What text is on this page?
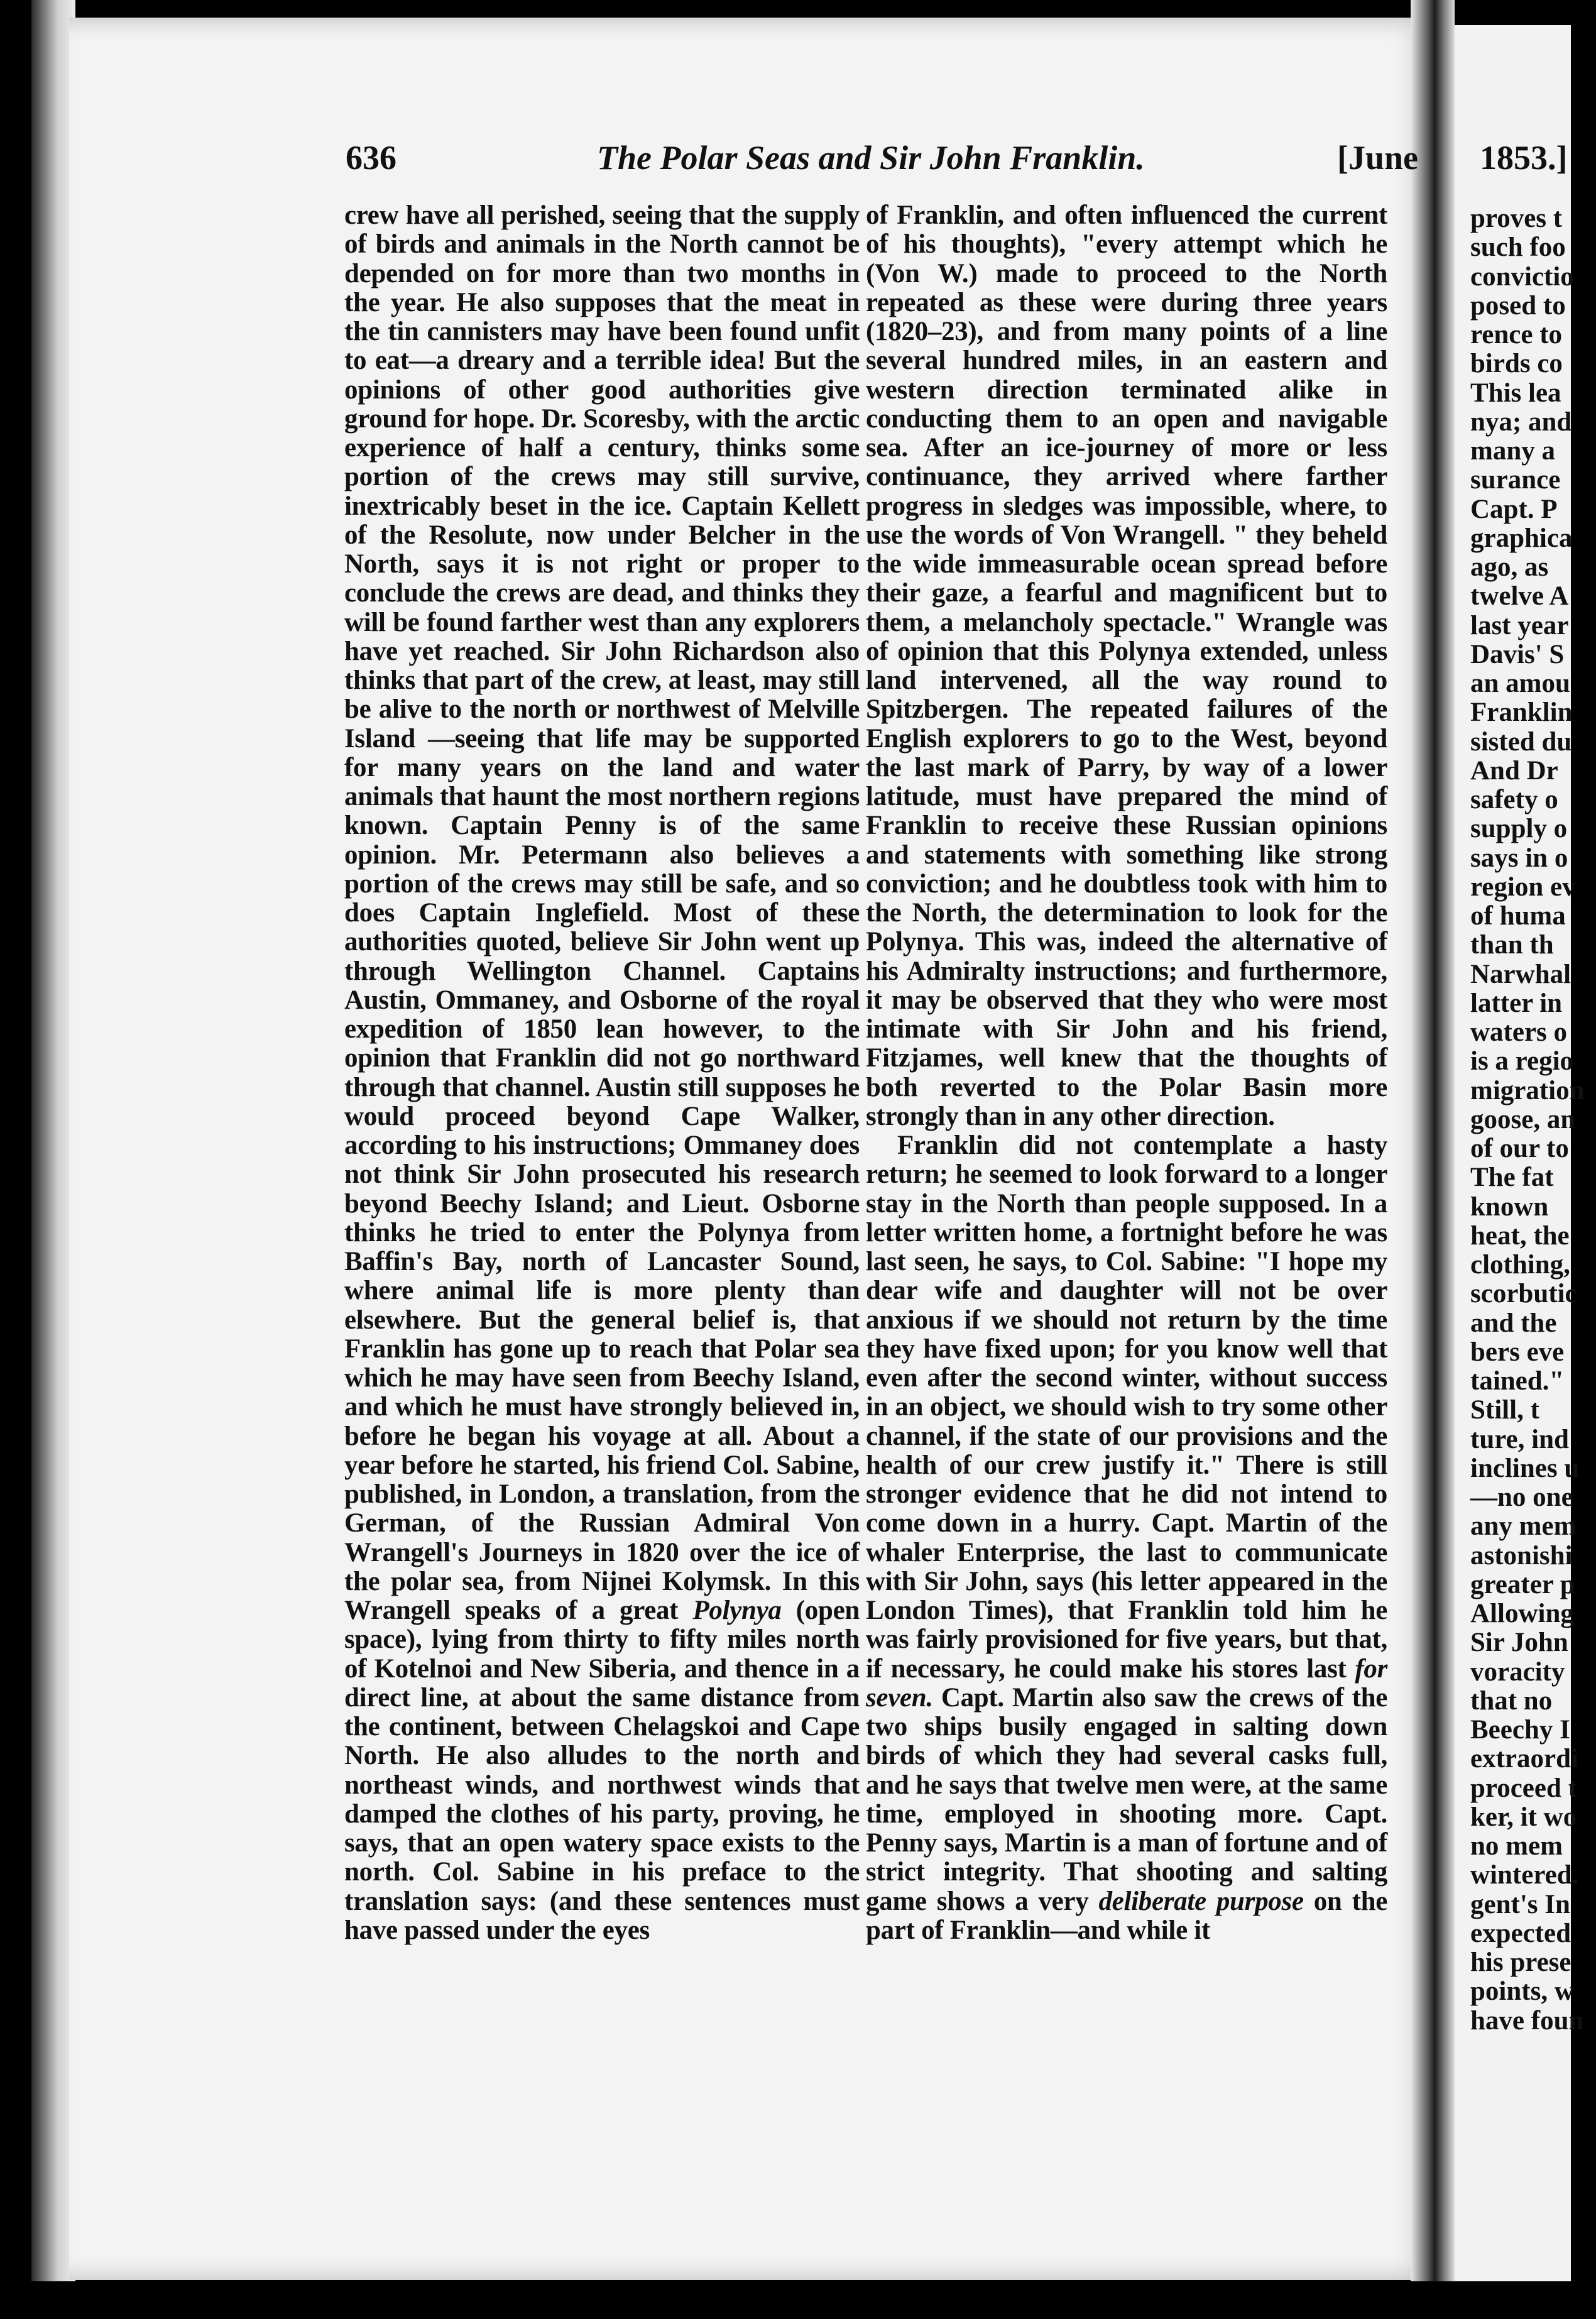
636	The Polar Seas and Sir John Franklin.	[June 1853.]

crew have all perished, seeing that the supply of birds and animals in the North cannot be depended on for more than two months in the year. He also supposes that the meat in the tin cannisters may have been found unfit to eat—a dreary and a terrible idea! But the opinions of other good authorities give ground for hope. Dr. Scoresby, with the arctic experience of half a century, thinks some portion of the crews may still survive, inextricably beset in the ice. Captain Kellett of the Resolute, now under Belcher in the North, says it is not right or proper to conclude the crews are dead, and thinks they will be found farther west than any explorers have yet reached. Sir John Richardson also thinks that part of the crew, at least, may still be alive to the north or northwest of Melville Island —seeing that life may be supported for many years on the land and water animals that haunt the most northern regions known. Captain Penny is of the same opinion. Mr. Petermann also believes a portion of the crews may still be safe, and so does Captain Inglefield. Most of these authorities quoted, believe Sir John went up through Wellington Channel. Captains Austin, Ommaney, and Osborne of the royal expedition of 1850 lean however, to the opinion that Franklin did not go northward through that channel. Austin still supposes he would proceed beyond Cape Walker, according to his instructions; Ommaney does not think Sir John prosecuted his research beyond Beechy Island; and Lieut. Osborne thinks he tried to enter the Polynya from Baffin's Bay, north of Lancaster Sound, where animal life is more plenty than elsewhere. But the general belief is, that Franklin has gone up to reach that Polar sea which he may have seen from Beechy Island, and which he must have strongly believed in, before he began his voyage at all. About a year before he started, his friend Col. Sabine, published, in London, a translation, from the German, of the Russian Admiral Von Wrangell's Journeys in 1820 over the ice of the polar sea, from Nijnei Kolymsk. In this Wrangell speaks of a great Polynya (open space), lying from thirty to fifty miles north of Kotelnoi and New Siberia, and thence in a direct line, at about the same distance from the continent, between Chelagskoi and Cape North. He also alludes to the north and northeast winds, and northwest winds that damped the clothes of his party, proving, he says, that an open watery space exists to the north. Col. Sabine in his preface to the translation says: (and these sentences must have passed under the eyes

of Franklin, and often influenced the current of his thoughts), "every attempt which he (Von W.) made to proceed to the North repeated as these were during three years (1820–23), and from many points of a line several hundred miles, in an eastern and western direction terminated alike in conducting them to an open and navigable sea. After an ice-journey of more or less continuance, they arrived where farther progress in sledges was impossible, where, to use the words of Von Wrangell. " they beheld the wide immeasurable ocean spread before their gaze, a fearful and magnificent but to them, a melancholy spectacle." Wrangle was of opinion that this Polynya extended, unless land intervened, all the way round to Spitzbergen. The repeated failures of the English explorers to go to the West, beyond the last mark of Parry, by way of a lower latitude, must have prepared the mind of Franklin to receive these Russian opinions and statements with something like strong conviction; and he doubtless took with him to the North, the determination to look for the Polynya. This was, indeed the alternative of his Admiralty instructions; and furthermore, it may be observed that they who were most intimate with Sir John and his friend, Fitzjames, well knew that the thoughts of both reverted to the Polar Basin more strongly than in any other direction.

Franklin did not contemplate a hasty return; he seemed to look forward to a longer stay in the North than people supposed. In a letter written home, a fortnight before he was last seen, he says, to Col. Sabine: "I hope my dear wife and daughter will not be over anxious if we should not return by the time they have fixed upon; for you know well that even after the second winter, without success in an object, we should wish to try some other channel, if the state of our provisions and the health of our crew justify it." There is still stronger evidence that he did not intend to come down in a hurry. Capt. Martin of the whaler Enterprise, the last to communicate with Sir John, says (his letter appeared in the London Times), that Franklin told him he was fairly provisioned for five years, but that, if necessary, he could make his stores last for seven. Capt. Martin also saw the crews of the two ships busily engaged in salting down birds of which they had several casks full, and he says that twelve men were, at the same time, employed in shooting more. Capt. Penny says, Martin is a man of fortune and of strict integrity. That shooting and salting game shows a very deliberate purpose on the part of Franklin—and while it

proves t
such foo
convictio
posed to
rence to
birds co
This lea
nya; and
many a
surance
Capt. P
graphica
ago, as
twelve A
last year
Davis' S
an amou
Franklin
sisted du
And Dr
safety o
supply o
says in o
region ev
of huma
than th
Narwhal
latter in
waters o
is a regio
migration
goose, an
of our to
The fat
known
heat, the
clothing,
scorbutic
and the
bers eve
tained."
Still, t
ture, ind
inclines u
—no one
any mem
astonishi
greater p
Allowing
Sir John
voracity
that no
Beechy I
extraordi
proceed t
ker, it wo
no mem
wintered.
gent's In
expected
his prese
points, w
have foun
